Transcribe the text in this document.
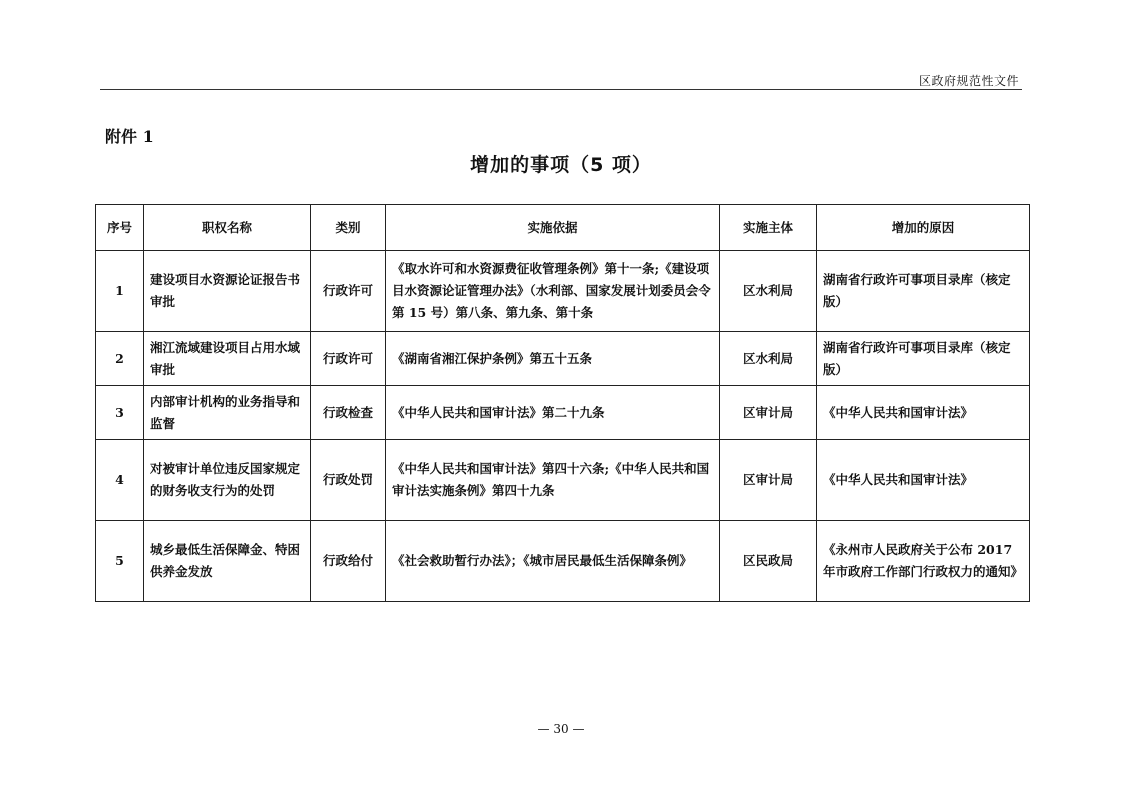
区政府规范性文件
附件 1
增加的事项（5 项）
序号	职权名称	类别	实施依据	实施主体	增加的原因
1	建设项目水资源论证报告书审批	行政许可	《取水许可和水资源费征收管理条例》第十一条;《建设项目水资源论证管理办法》（水利部、国家发展计划委员会令第 15 号）第八条、第九条、第十条	区水利局	湖南省行政许可事项目录库（核定版）
2	湘江流域建设项目占用水域审批	行政许可	《湖南省湘江保护条例》第五十五条	区水利局	湖南省行政许可事项目录库（核定版）
3	内部审计机构的业务指导和监督	行政检查	《中华人民共和国审计法》第二十九条	区审计局	《中华人民共和国审计法》
4	对被审计单位违反国家规定的财务收支行为的处罚	行政处罚	《中华人民共和国审计法》第四十六条;《中华人民共和国审计法实施条例》第四十九条	区审计局	《中华人民共和国审计法》
5	城乡最低生活保障金、特困供养金发放	行政给付	《社会救助暂行办法》；《城市居民最低生活保障条例》	区民政局	《永州市人民政府关于公布 2017 年市政府工作部门行政权力的通知》
— 30 —
